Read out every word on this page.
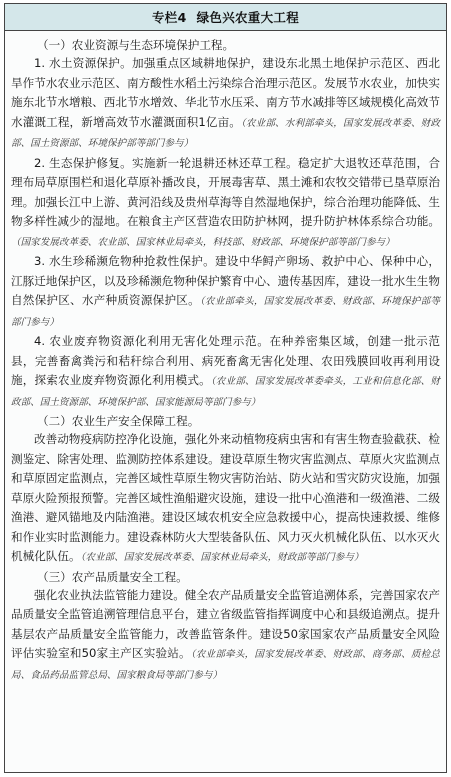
专栏4 绿色兴农重大工程

（一）农业资源与生态环境保护工程。

1. 水土资源保护。加强重点区域耕地保护，建设东北黑土地保护示范区、西北旱作节水农业示范区、南方酸性水稻土污染综合治理示范区。发展节水农业，加快实施东北节水增粮、西北节水增效、华北节水压采、南方节水减排等区域规模化高效节水灌溉工程，新增高效节水灌溉面积1亿亩。（农业部、水利部牵头，国家发展改革委、财政部、国土资源部、环境保护部等部门参与）

2. 生态保护修复。实施新一轮退耕还林还草工程。稳定扩大退牧还草范围，合理布局草原围栏和退化草原补播改良，开展毒害草、黑土滩和农牧交错带已垦草原治理。加强长江中上游、黄河沿线及贵州草海等自然湿地保护，综合治理功能降低、生物多样性减少的湿地。在粮食主产区营造农田防护林网，提升防护林体系综合功能。（国家发展改革委、农业部、国家林业局牵头，科技部、财政部、环境保护部等部门参与）

3. 水生珍稀濒危物种抢救性保护。建设中华鲟产卵场、救护中心、保种中心，江豚迁地保护区，以及珍稀濒危物种保护繁育中心、遗传基因库，建设一批水生生物自然保护区、水产种质资源保护区。（农业部牵头，国家发展改革委、财政部、环境保护部等部门参与）

4. 农业废弃物资源化利用无害化处理示范。在种养密集区域，创建一批示范县，完善畜禽粪污和秸秆综合利用、病死畜禽无害化处理、农田残膜回收再利用设施，探索农业废弃物资源化利用模式。（农业部、国家发展改革委牵头，工业和信息化部、财政部、国土资源部、环境保护部、国家能源局等部门参与）

（二）农业生产安全保障工程。

改善动物疫病防控净化设施，强化外来动植物疫病虫害和有害生物查验截获、检测鉴定、除害处理、监测防控体系建设。建设草原生物灾害监测点、草原火灾监测点和草原固定监测点，完善区域性草原生物灾害防治站、防火站和雪灾防灾设施，加强草原火险预报预警。完善区域性渔船避灾设施，建设一批中心渔港和一级渔港、二级渔港、避风锚地及内陆渔港。建设区域农机安全应急救援中心，提高快速救援、维修和作业实时监测能力。建设森林防火大型装备队伍、风力灭火机械化队伍、以水灭火机械化队伍。（农业部、国家发展改革委、国家林业局牵头，财政部等部门参与）

（三）农产品质量安全工程。

强化农业执法监管能力建设。健全农产品质量安全监管追溯体系，完善国家农产品质量安全监管追溯管理信息平台，建立省级监管指挥调度中心和县级追溯点。提升基层农产品质量安全监管能力，改善监管条件。建设50家国家农产品质量安全风险评估实验室和50家主产区实验站。（农业部牵头，国家发展改革委、财政部、商务部、质检总局、食品药品监管总局、国家粮食局等部门参与）
